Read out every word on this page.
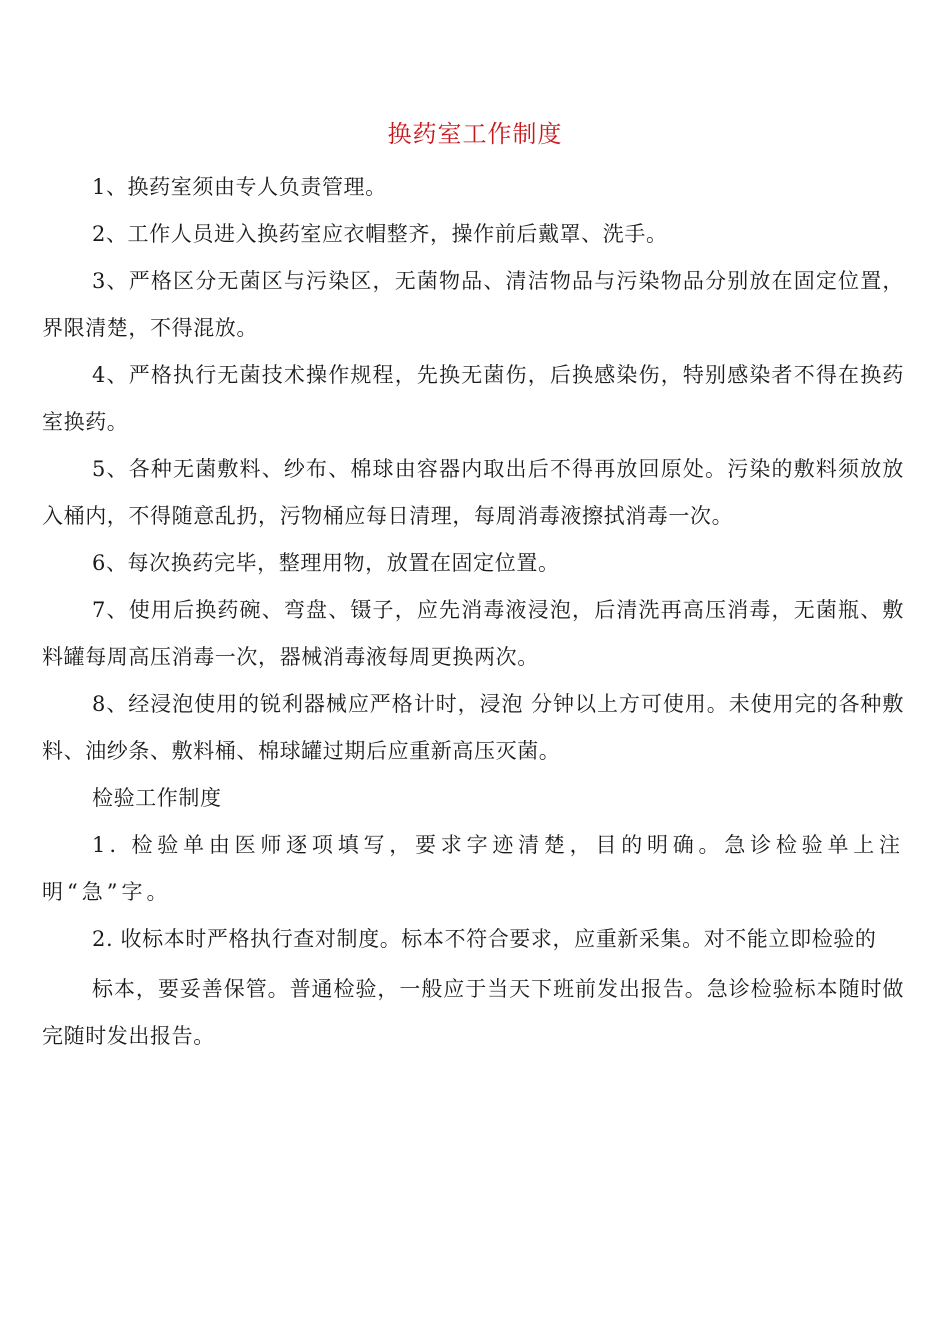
换药室工作制度

1、换药室须由专人负责管理。

2、工作人员进入换药室应衣帽整齐，操作前后戴罩、洗手。

3、严格区分无菌区与污染区，无菌物品、清洁物品与污染物品分别放在固定位置，界限清楚，不得混放。

4、严格执行无菌技术操作规程，先换无菌伤，后换感染伤，特别感染者不得在换药室换药。

5、各种无菌敷料、纱布、棉球由容器内取出后不得再放回原处。污染的敷料须放放入桶内，不得随意乱扔，污物桶应每日清理，每周消毒液擦拭消毒一次。

6、每次换药完毕，整理用物，放置在固定位置。

7、使用后换药碗、弯盘、镊子，应先消毒液浸泡，后清洗再高压消毒，无菌瓶、敷料罐每周高压消毒一次，器械消毒液每周更换两次。

8、经浸泡使用的锐利器械应严格计时，浸泡 分钟以上方可使用。未使用完的各种敷料、油纱条、敷料桶、棉球罐过期后应重新高压灭菌。

检验工作制度

1. 检验单由医师逐项填写，要求字迹清楚，目的明确。急诊检验单上注明“急”字。

2. 收标本时严格执行查对制度。标本不符合要求，应重新采集。对不能立即检验的

标本，要妥善保管。普通检验，一般应于当天下班前发出报告。急诊检验标本随时做完随时发出报告。
